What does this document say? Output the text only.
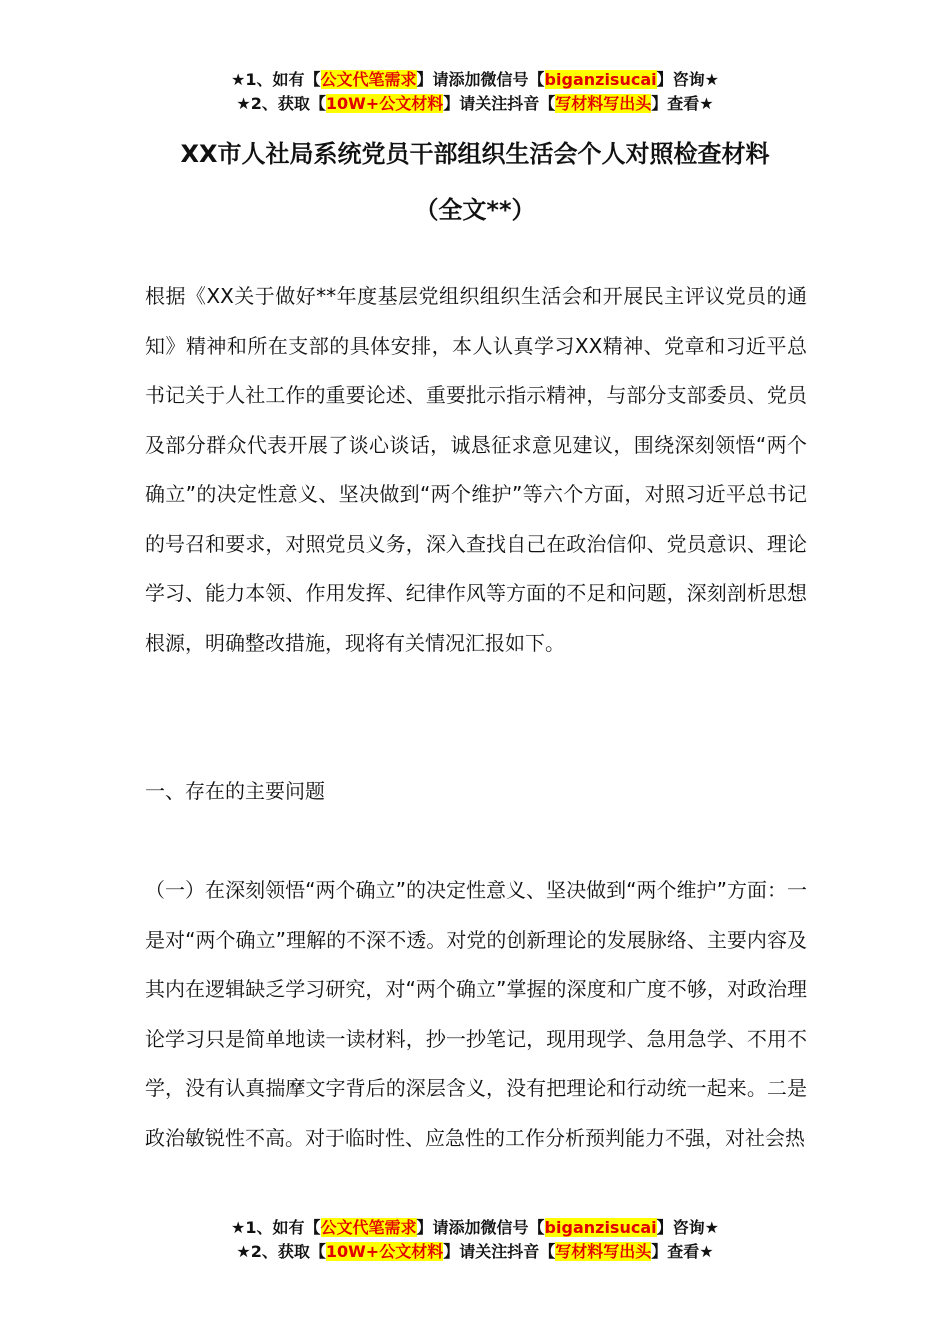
★1、如有【公文代笔需求】请添加微信号【biganzisucai】咨询★
★2、获取【10W+公文材料】请关注抖音【写材料写出头】查看★
XX市人社局系统党员干部组织生活会个人对照检查材料
（全文**）

根据《XX关于做好**年度基层党组织组织生活会和开展民主评议党员的通知》精神和所在支部的具体安排，本人认真学习XX精神、党章和习近平总书记关于人社工作的重要论述、重要批示指示精神，与部分支部委员、党员及部分群众代表开展了谈心谈话，诚恳征求意见建议，围绕深刻领悟“两个确立”的决定性意义、坚决做到“两个维护”等六个方面，对照习近平总书记的号召和要求，对照党员义务，深入查找自己在政治信仰、党员意识、理论学习、能力本领、作用发挥、纪律作风等方面的不足和问题，深刻剖析思想根源，明确整改措施，现将有关情况汇报如下。

一、存在的主要问题

（一）在深刻领悟“两个确立”的决定性意义、坚决做到“两个维护”方面：一是对“两个确立”理解的不深不透。对党的创新理论的发展脉络、主要内容及其内在逻辑缺乏学习研究，对“两个确立”掌握的深度和广度不够，对政治理论学习只是简单地读一读材料，抄一抄笔记，现用现学、急用急学、不用不学，没有认真揣摩文字背后的深层含义，没有把理论和行动统一起来。二是政治敏锐性不高。对于临时性、应急性的工作分析预判能力不强，对社会热

★1、如有【公文代笔需求】请添加微信号【biganzisucai】咨询★
★2、获取【10W+公文材料】请关注抖音【写材料写出头】查看★
